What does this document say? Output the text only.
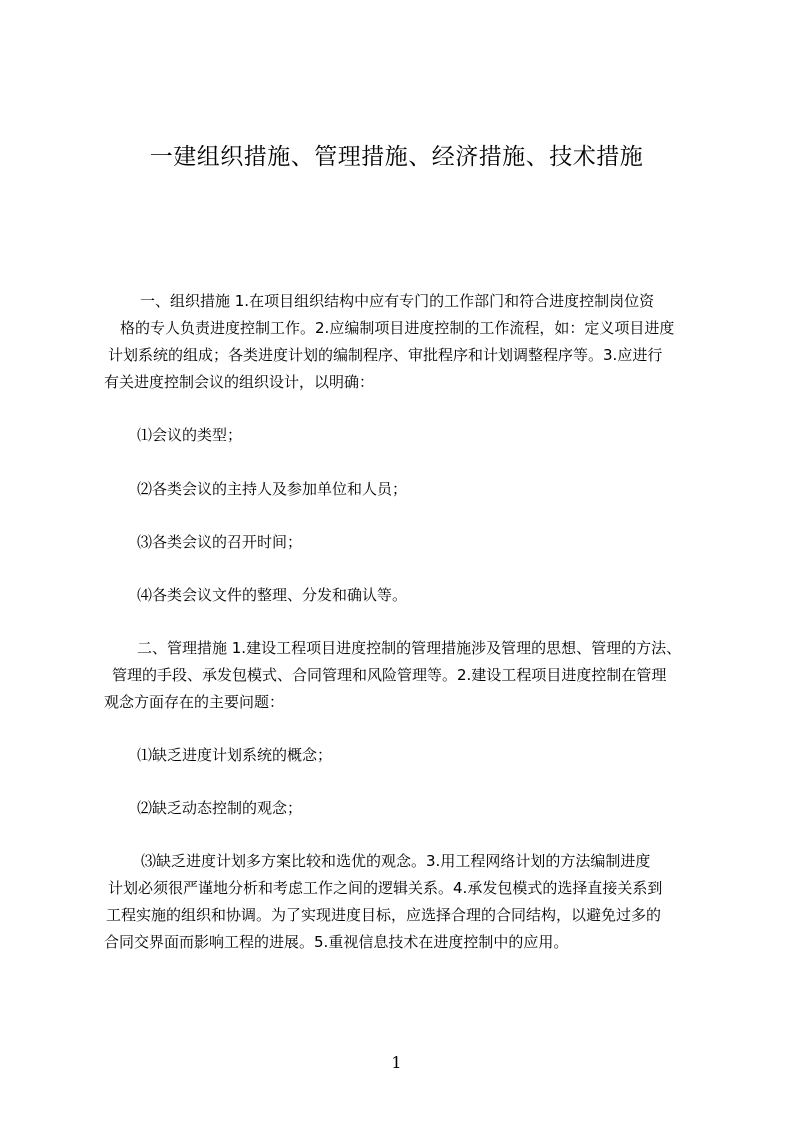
一建组织措施、管理措施、经济措施、技术措施
一、组织措施 1.在项目组织结构中应有专门的工作部门和符合进度控制岗位资
格的专人负责进度控制工作。2.应编制项目进度控制的工作流程，如：定义项目进度
计划系统的组成；各类进度计划的编制程序、审批程序和计划调整程序等。3.应进行
有关进度控制会议的组织设计，以明确：
⑴会议的类型；
⑵各类会议的主持人及参加单位和人员；
⑶各类会议的召开时间；
⑷各类会议文件的整理、分发和确认等。
二、管理措施 1.建设工程项目进度控制的管理措施涉及管理的思想、管理的方法、
管理的手段、承发包模式、合同管理和风险管理等。2.建设工程项目进度控制在管理
观念方面存在的主要问题：
⑴缺乏进度计划系统的概念；
⑵缺乏动态控制的观念；
⑶缺乏进度计划多方案比较和选优的观念。3.用工程网络计划的方法编制进度
计划必须很严谨地分析和考虑工作之间的逻辑关系。4.承发包模式的选择直接关系到
工程实施的组织和协调。为了实现进度目标，应选择合理的合同结构，以避免过多的
合同交界面而影响工程的进展。5.重视信息技术在进度控制中的应用。
1
